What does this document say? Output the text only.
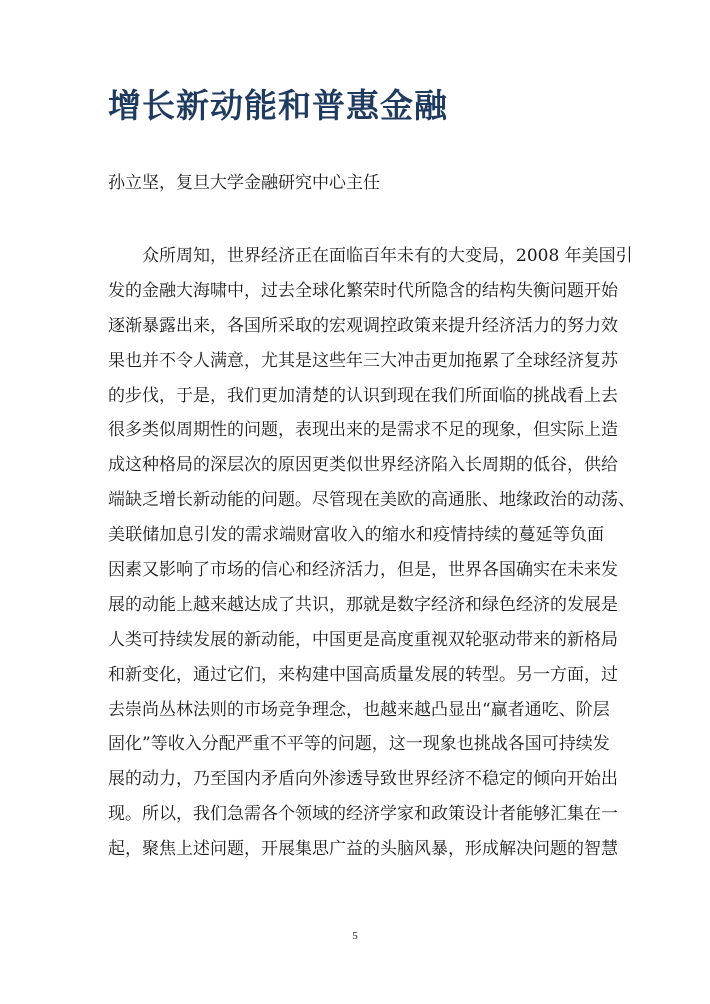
增长新动能和普惠金融

孙立坚，复旦大学金融研究中心主任

众所周知，世界经济正在面临百年未有的大变局，2008 年美国引
发的金融大海啸中，过去全球化繁荣时代所隐含的结构失衡问题开始
逐渐暴露出来，各国所采取的宏观调控政策来提升经济活力的努力效
果也并不令人满意，尤其是这些年三大冲击更加拖累了全球经济复苏
的步伐，于是，我们更加清楚的认识到现在我们所面临的挑战看上去
很多类似周期性的问题，表现出来的是需求不足的现象，但实际上造
成这种格局的深层次的原因更类似世界经济陷入长周期的低谷，供给
端缺乏增长新动能的问题。尽管现在美欧的高通胀、地缘政治的动荡、
美联储加息引发的需求端财富收入的缩水和疫情持续的蔓延等负面
因素又影响了市场的信心和经济活力，但是，世界各国确实在未来发
展的动能上越来越达成了共识，那就是数字经济和绿色经济的发展是
人类可持续发展的新动能，中国更是高度重视双轮驱动带来的新格局
和新变化，通过它们，来构建中国高质量发展的转型。另一方面，过
去崇尚丛林法则的市场竞争理念，也越来越凸显出“赢者通吃、阶层
固化”等收入分配严重不平等的问题，这一现象也挑战各国可持续发
展的动力，乃至国内矛盾向外渗透导致世界经济不稳定的倾向开始出
现。所以，我们急需各个领域的经济学家和政策设计者能够汇集在一
起，聚焦上述问题，开展集思广益的头脑风暴，形成解决问题的智慧
5
